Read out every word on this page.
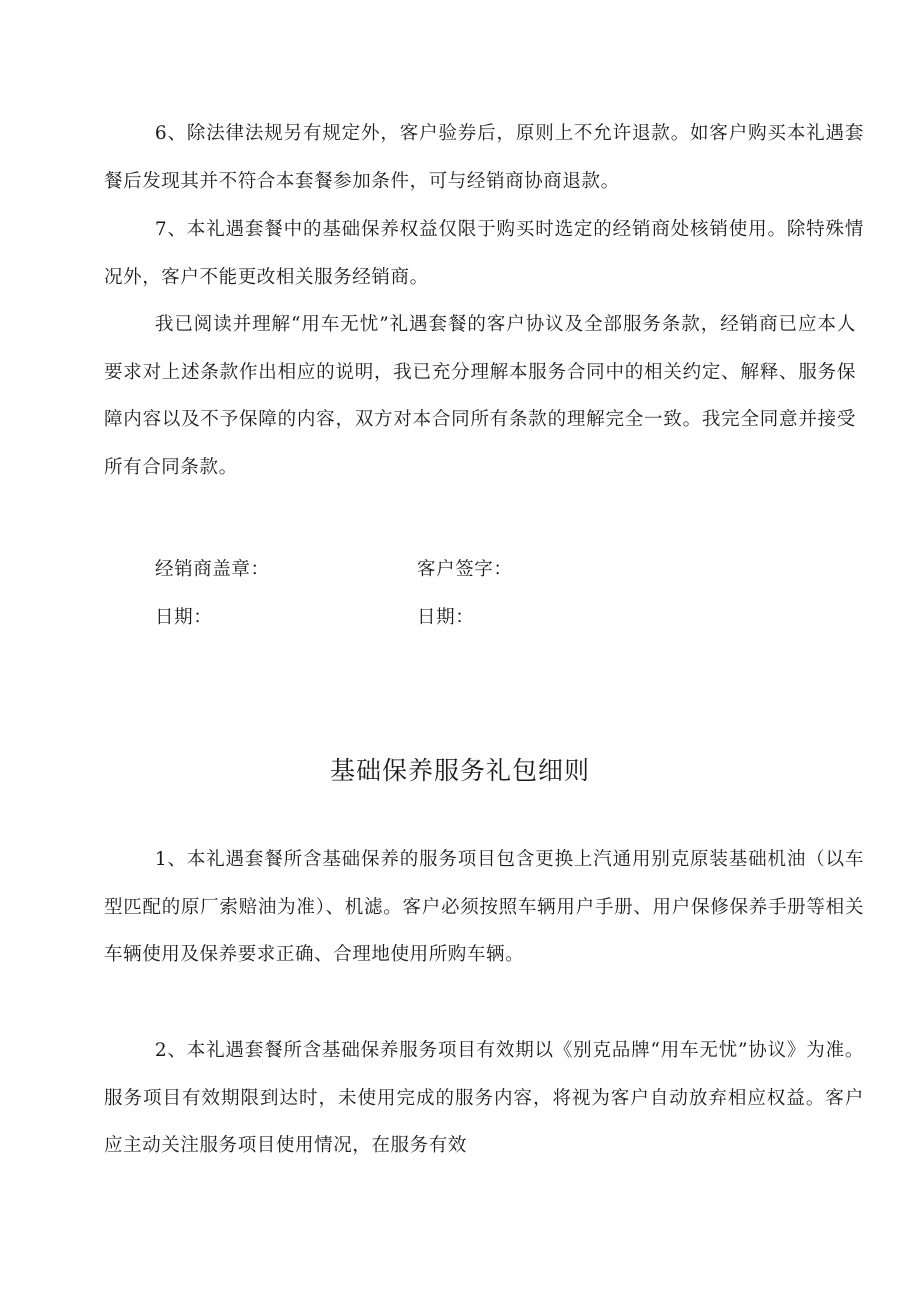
6、除法律法规另有规定外，客户验券后，原则上不允许退款。如客户购买本礼遇套餐后发现其并不符合本套餐参加条件，可与经销商协商退款。

7、本礼遇套餐中的基础保养权益仅限于购买时选定的经销商处核销使用。除特殊情况外，客户不能更改相关服务经销商。

我已阅读并理解“用车无忧”礼遇套餐的客户协议及全部服务条款，经销商已应本人要求对上述条款作出相应的说明，我已充分理解本服务合同中的相关约定、解释、服务保障内容以及不予保障的内容，双方对本合同所有条款的理解完全一致。我完全同意并接受所有合同条款。

经销商盖章：	客户签字：
日期：	日期：
基础保养服务礼包细则

1、本礼遇套餐所含基础保养的服务项目包含更换上汽通用别克原装基础机油（以车型匹配的原厂索赔油为准）、机滤。客户必须按照车辆用户手册、用户保修保养手册等相关车辆使用及保养要求正确、合理地使用所购车辆。

2、本礼遇套餐所含基础保养服务项目有效期以《别克品牌“用车无忧”协议》为准。服务项目有效期限到达时，未使用完成的服务内容，将视为客户自动放弃相应权益。客户应主动关注服务项目使用情况，在服务有效
